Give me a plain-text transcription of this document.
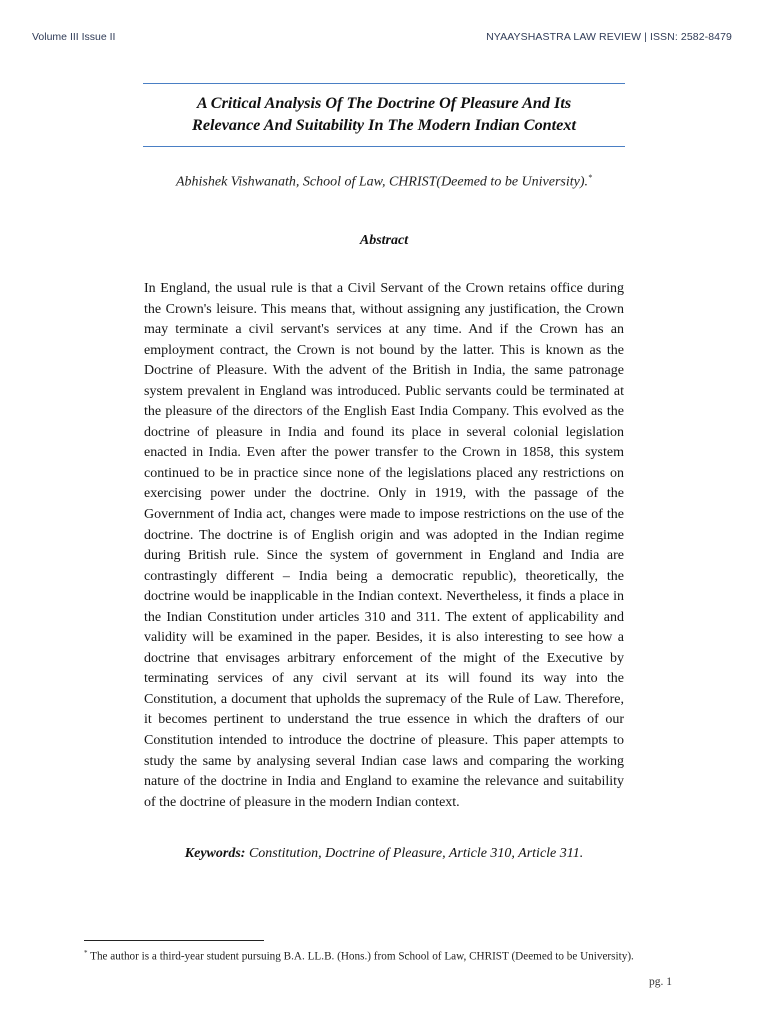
Volume III Issue II	NYAAYSHASTRA LAW REVIEW | ISSN: 2582-8479
A Critical Analysis Of The Doctrine Of Pleasure And Its
Relevance And Suitability In The Modern Indian Context
Abhishek Vishwanath, School of Law, CHRIST(Deemed to be University).*
Abstract

In England, the usual rule is that a Civil Servant of the Crown retains office during the Crown's leisure. This means that, without assigning any justification, the Crown may terminate a civil servant's services at any time. And if the Crown has an employment contract, the Crown is not bound by the latter. This is known as the Doctrine of Pleasure. With the advent of the British in India, the same patronage system prevalent in England was introduced. Public servants could be terminated at the pleasure of the directors of the English East India Company. This evolved as the doctrine of pleasure in India and found its place in several colonial legislation enacted in India. Even after the power transfer to the Crown in 1858, this system continued to be in practice since none of the legislations placed any restrictions on exercising power under the doctrine. Only in 1919, with the passage of the Government of India act, changes were made to impose restrictions on the use of the doctrine. The doctrine is of English origin and was adopted in the Indian regime during British rule. Since the system of government in England and India are contrastingly different – India being a democratic republic), theoretically, the doctrine would be inapplicable in the Indian context. Nevertheless, it finds a place in the Indian Constitution under articles 310 and 311. The extent of applicability and validity will be examined in the paper. Besides, it is also interesting to see how a doctrine that envisages arbitrary enforcement of the might of the Executive by terminating services of any civil servant at its will found its way into the Constitution, a document that upholds the supremacy of the Rule of Law. Therefore, it becomes pertinent to understand the true essence in which the drafters of our Constitution intended to introduce the doctrine of pleasure. This paper attempts to study the same by analysing several Indian case laws and comparing the working nature of the doctrine in India and England to examine the relevance and suitability of the doctrine of pleasure in the modern Indian context.

Keywords: Constitution, Doctrine of Pleasure, Article 310, Article 311.
* The author is a third-year student pursuing B.A. LL.B. (Hons.) from School of Law, CHRIST (Deemed to be University).
pg. 1
